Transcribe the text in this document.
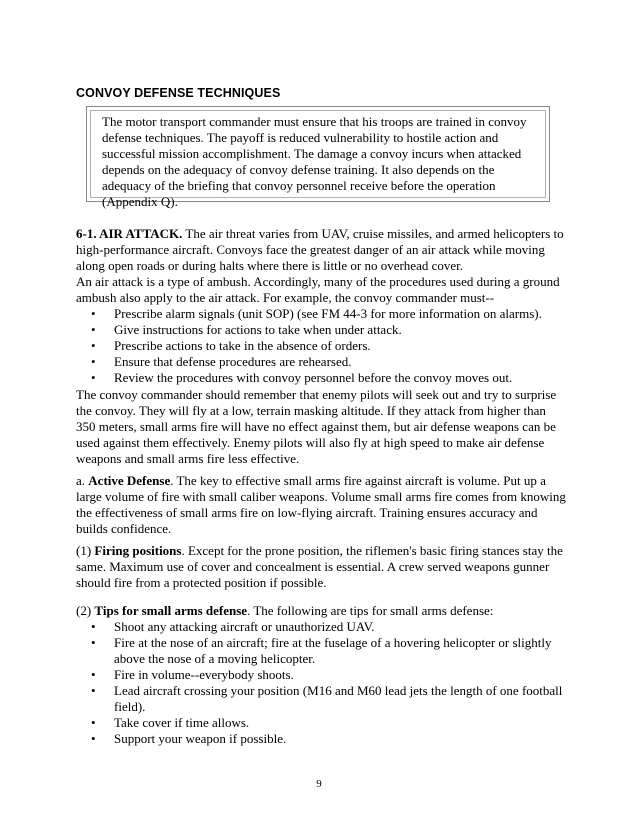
CONVOY DEFENSE TECHNIQUES

The motor transport commander must ensure that his troops are trained in convoy defense techniques. The payoff is reduced vulnerability to hostile action and successful mission accomplishment. The damage a convoy incurs when attacked depends on the adequacy of convoy defense training. It also depends on the adequacy of the briefing that convoy personnel receive before the operation (Appendix Q).

6-1. AIR ATTACK. The air threat varies from UAV, cruise missiles, and armed helicopters to high-performance aircraft. Convoys face the greatest danger of an air attack while moving along open roads or during halts where there is little or no overhead cover.

An air attack is a type of ambush. Accordingly, many of the procedures used during a ground ambush also apply to the air attack. For example, the convoy commander must--

• Prescribe alarm signals (unit SOP) (see FM 44-3 for more information on alarms).
• Give instructions for actions to take when under attack.
• Prescribe actions to take in the absence of orders.
• Ensure that defense procedures are rehearsed.
• Review the procedures with convoy personnel before the convoy moves out.

The convoy commander should remember that enemy pilots will seek out and try to surprise the convoy. They will fly at a low, terrain masking altitude. If they attack from higher than 350 meters, small arms fire will have no effect against them, but air defense weapons can be used against them effectively. Enemy pilots will also fly at high speed to make air defense weapons and small arms fire less effective.

a. Active Defense. The key to effective small arms fire against aircraft is volume. Put up a large volume of fire with small caliber weapons. Volume small arms fire comes from knowing the effectiveness of small arms fire on low-flying aircraft. Training ensures accuracy and builds confidence.

(1) Firing positions. Except for the prone position, the riflemen's basic firing stances stay the same. Maximum use of cover and concealment is essential. A crew served weapons gunner should fire from a protected position if possible.

(2) Tips for small arms defense. The following are tips for small arms defense:

• Shoot any attacking aircraft or unauthorized UAV.
• Fire at the nose of an aircraft; fire at the fuselage of a hovering helicopter or slightly above the nose of a moving helicopter.
• Fire in volume--everybody shoots.
• Lead aircraft crossing your position (M16 and M60 lead jets the length of one football field).
• Take cover if time allows.
• Support your weapon if possible.
9
